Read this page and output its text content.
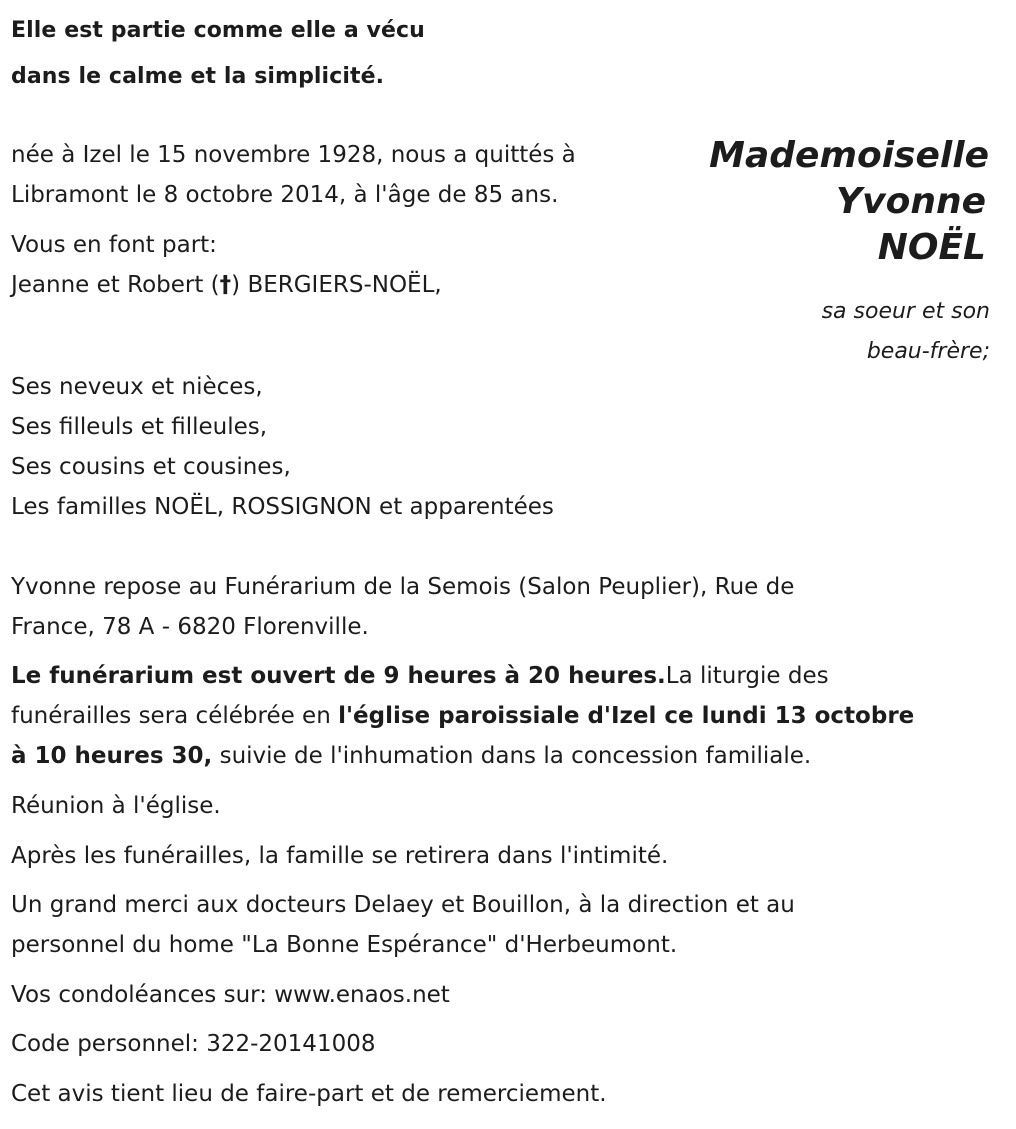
Elle est partie comme elle a vécu
dans le calme et la simplicité.
Mademoiselle
Yvonne
NOËL
sa soeur et son
beau-frère;
née à Izel le 15 novembre 1928, nous a quittés à
Libramont le 8 octobre 2014, à l'âge de 85 ans.
Vous en font part:
Jeanne et Robert (†) BERGIERS-NOËL,
Ses neveux et nièces,
Ses filleuls et filleules,
Ses cousins et cousines,
Les familles NOËL, ROSSIGNON et apparentées
Yvonne repose au Funérarium de la Semois (Salon Peuplier), Rue de
France, 78 A - 6820 Florenville.
Le funérarium est ouvert de 9 heures à 20 heures.La liturgie des
funérailles sera célébrée en l'église paroissiale d'Izel ce lundi 13 octobre
à 10 heures 30, suivie de l'inhumation dans la concession familiale.
Réunion à l'église.
Après les funérailles, la famille se retirera dans l'intimité.
Un grand merci aux docteurs Delaey et Bouillon, à la direction et au
personnel du home "La Bonne Espérance" d'Herbeumont.
Vos condoléances sur: www.enaos.net
Code personnel: 322-20141008
Cet avis tient lieu de faire-part et de remerciement.
